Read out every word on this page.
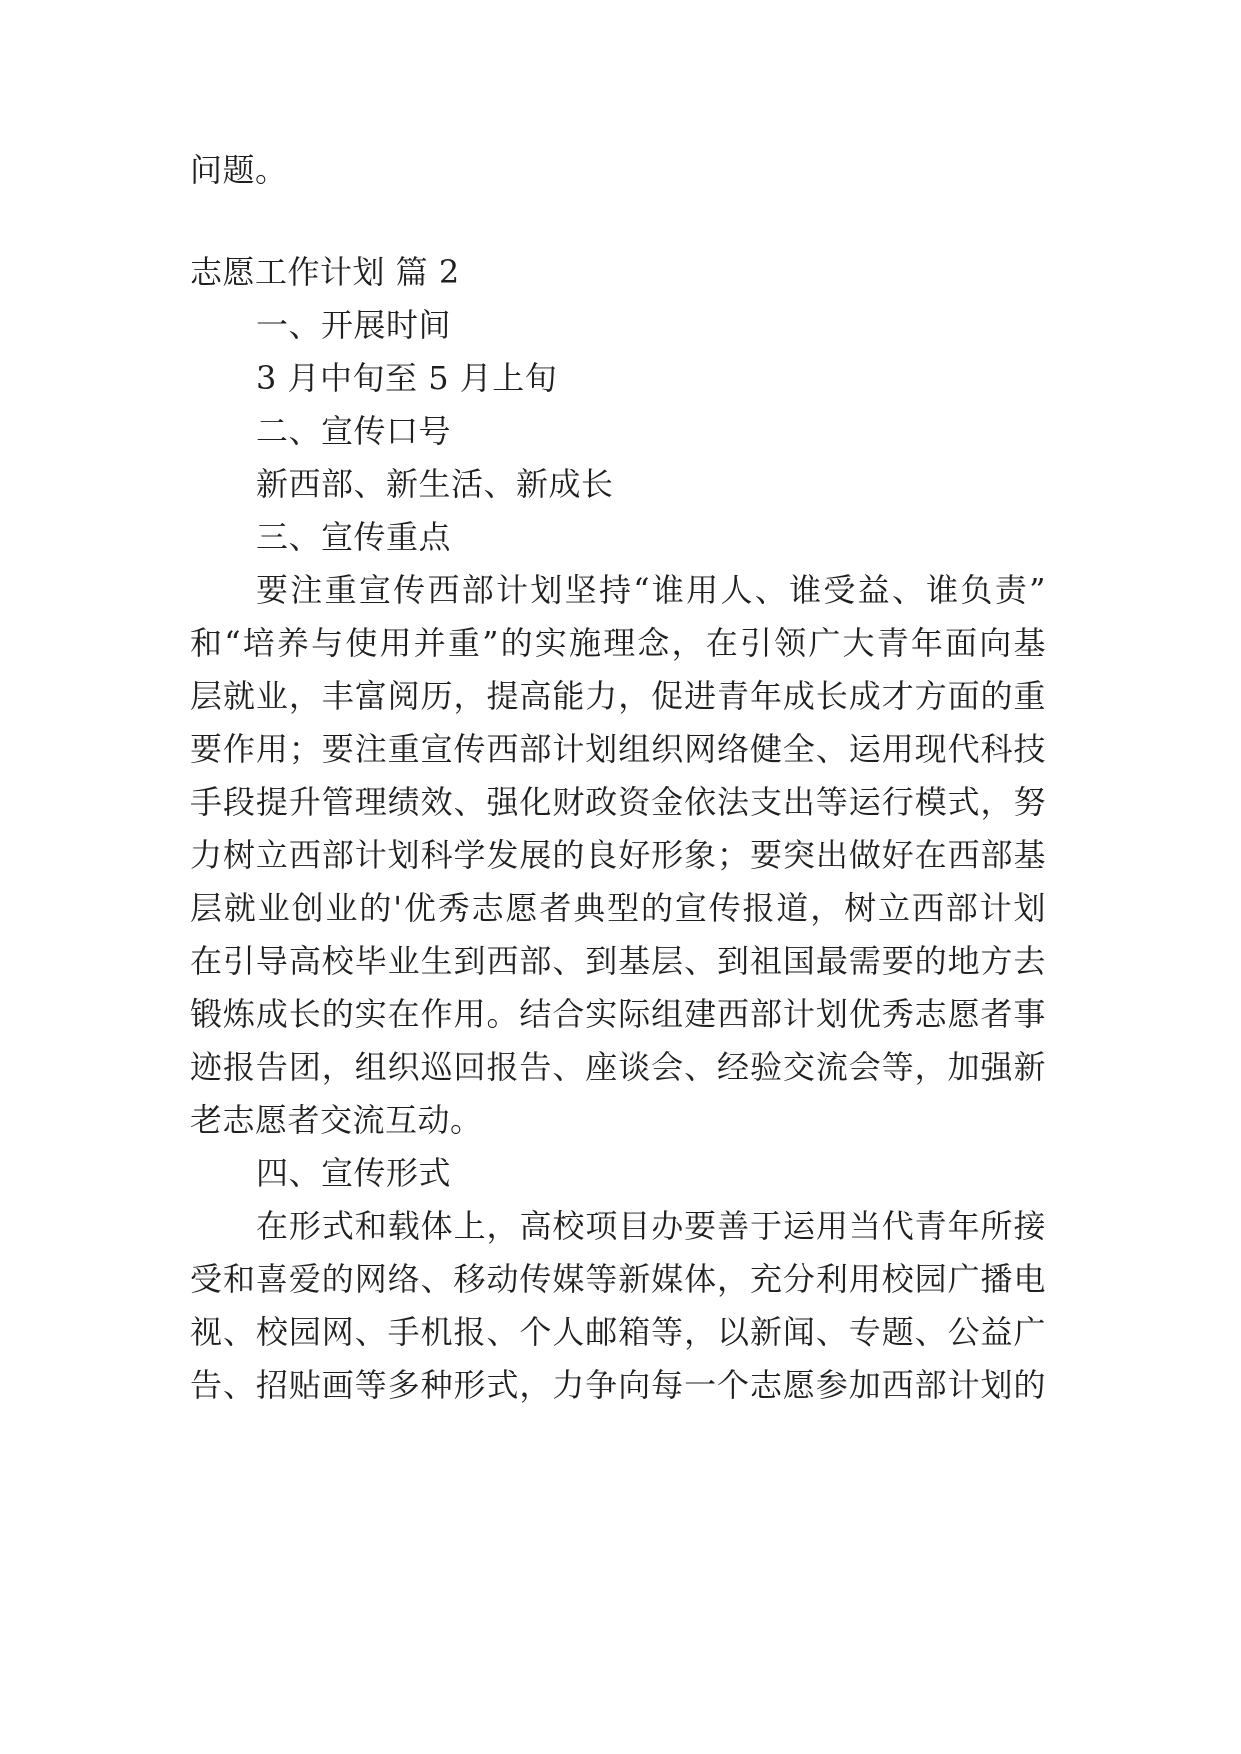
问题。
志愿工作计划 篇 2
一、开展时间
3 月中旬至 5 月上旬
二、宣传口号
新西部、新生活、新成长
三、宣传重点
要注重宣传西部计划坚持“谁用人、谁受益、谁负责”
和“培养与使用并重”的实施理念，在引领广大青年面向基
层就业，丰富阅历，提高能力，促进青年成长成才方面的重
要作用；要注重宣传西部计划组织网络健全、运用现代科技
手段提升管理绩效、强化财政资金依法支出等运行模式，努
力树立西部计划科学发展的良好形象；要突出做好在西部基
层就业创业的'优秀志愿者典型的宣传报道，树立西部计划
在引导高校毕业生到西部、到基层、到祖国最需要的地方去
锻炼成长的实在作用。结合实际组建西部计划优秀志愿者事
迹报告团，组织巡回报告、座谈会、经验交流会等，加强新
老志愿者交流互动。
四、宣传形式
在形式和载体上，高校项目办要善于运用当代青年所接
受和喜爱的网络、移动传媒等新媒体，充分利用校园广播电
视、校园网、手机报、个人邮箱等，以新闻、专题、公益广
告、招贴画等多种形式，力争向每一个志愿参加西部计划的
